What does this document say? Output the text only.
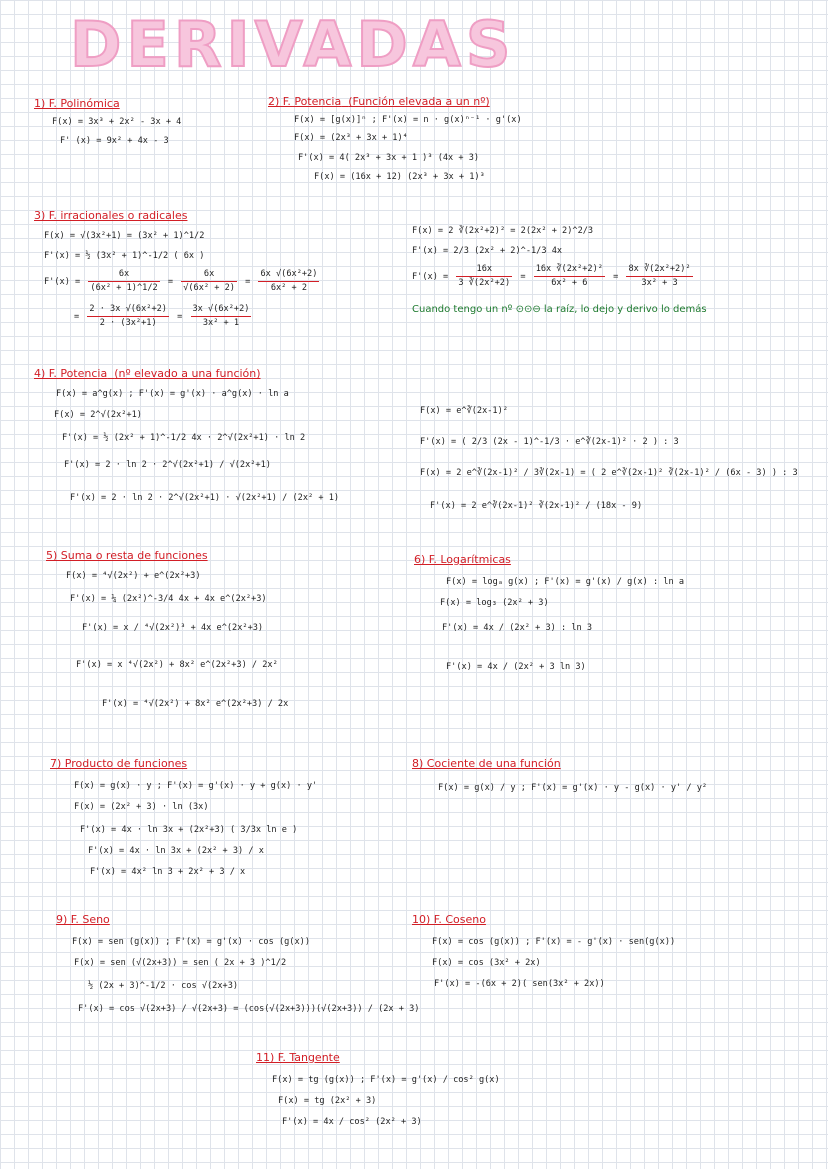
DERIVADAS
1) F. Polinómica
F(x) = 3x³ + 2x² - 3x + 4
F' (x) = 9x² + 4x - 3
2) F. Potencia (Función elevada a un nº)
F(x) = [g(x)]ⁿ ; F'(x) = n · g(x)ⁿ⁻¹ · g'(x)
F(x) = (2x³ + 3x + 1)⁴
F'(x) = 4( 2x³ + 3x + 1 )³ (4x + 3)
F(x) = (16x + 12) (2x³ + 3x + 1)³
3) F. irracionales o radicales
F(x) = √(3x²+1) = (3x² + 1)^1/2
F'(x) = ½ (3x² + 1)^-1/2 ( 6x )
$F'(x) = \frac{6x}{\text{(6x² + 1)\textasciicircum{}1/2}} = \frac{6x}{\text{√(6x² + 2)}} = \frac{\text{6x √(6x²+2)}}{\text{6x² + 2}}$
= $\frac{\text{2 · 3x √(6x²+2)}}{\text{2 · (3x²+1)}} = \frac{\text{3x √(6x²+2)}}{\text{3x² + 1}}$
F(x) = 2 ∛(2x²+2)² = 2(2x² + 2)^2/3
F'(x) = 2/3 (2x² + 2)^-1/3 4x
$F'(x) = \frac{16x}{\text{3 ∛(2x²+2)}} = \frac{\text{16x ∛(2x²+2)²}}{\text{6x² + 6}} = \frac{\text{8x ∛(2x²+2)²}}{\text{3x² + 3}}$
Cuando tengo un nº ⊙⊙⊖ la raíz, lo dejo y derivo lo demás
4) F. Potencia (nº elevado a una función)
F(x) = a^g(x) ; F'(x) = g'(x) · a^g(x) · ln a
F(x) = 2^√(2x²+1)
F'(x) = ½ (2x² + 1)^-1/2 4x · 2^√(2x²+1) · ln 2
F'(x) = 2 · ln 2 · 2^√(2x²+1) / √(2x²+1)
F'(x) = 2 · ln 2 · 2^√(2x²+1) · √(2x²+1) / (2x² + 1)
F(x) = e^∛(2x-1)²
F'(x) = ( 2/3 (2x - 1)^-1/3 · e^∛(2x-1)² · 2 ) : 3
F(x) = 2 e^∛(2x-1)² / 3∛(2x-1) = ( 2 e^∛(2x-1)² ∛(2x-1)² / (6x - 3) ) : 3
F'(x) = 2 e^∛(2x-1)² ∛(2x-1)² / (18x - 9)
5) Suma o resta de funciones
F(x) = ⁴√(2x²) + e^(2x²+3)
F'(x) = ¼ (2x²)^-3/4 4x + 4x e^(2x²+3)
F'(x) = x / ⁴√(2x²)³ + 4x e^(2x²+3)
F'(x) = x ⁴√(2x²) + 8x² e^(2x²+3) / 2x²
F'(x) = ⁴√(2x²) + 8x² e^(2x²+3) / 2x
6) F. Logarítmicas
F(x) = logₐ g(x) ; F'(x) = g'(x) / g(x) : ln a
F(x) = log₃ (2x² + 3)
F'(x) = 4x / (2x² + 3) : ln 3
F'(x) = 4x / (2x² + 3 ln 3)
7) Producto de funciones
F(x) = g(x) · y ; F'(x) = g'(x) · y + g(x) · y'
F(x) = (2x² + 3) · ln (3x)
F'(x) = 4x · ln 3x + (2x²+3) ( 3/3x ln e )
F'(x) = 4x · ln 3x + (2x² + 3) / x
F'(x) = 4x² ln 3 + 2x² + 3 / x
8) Cociente de una función
F(x) = g(x) / y ; F'(x) = g'(x) · y - g(x) · y' / y²
9) F. Seno
F(x) = sen (g(x)) ; F'(x) = g'(x) · cos (g(x))
F(x) = sen (√(2x+3)) = sen ( 2x + 3 )^1/2
½ (2x + 3)^-1/2 · cos √(2x+3)
F'(x) = cos √(2x+3) / √(2x+3) = (cos(√(2x+3)))(√(2x+3)) / (2x + 3)
10) F. Coseno
F(x) = cos (g(x)) ; F'(x) = - g'(x) · sen(g(x))
F(x) = cos (3x² + 2x)
F'(x) = -(6x + 2)( sen(3x² + 2x))
11) F. Tangente
F(x) = tg (g(x)) ; F'(x) = g'(x) / cos² g(x)
F(x) = tg (2x² + 3)
F'(x) = 4x / cos² (2x² + 3)
